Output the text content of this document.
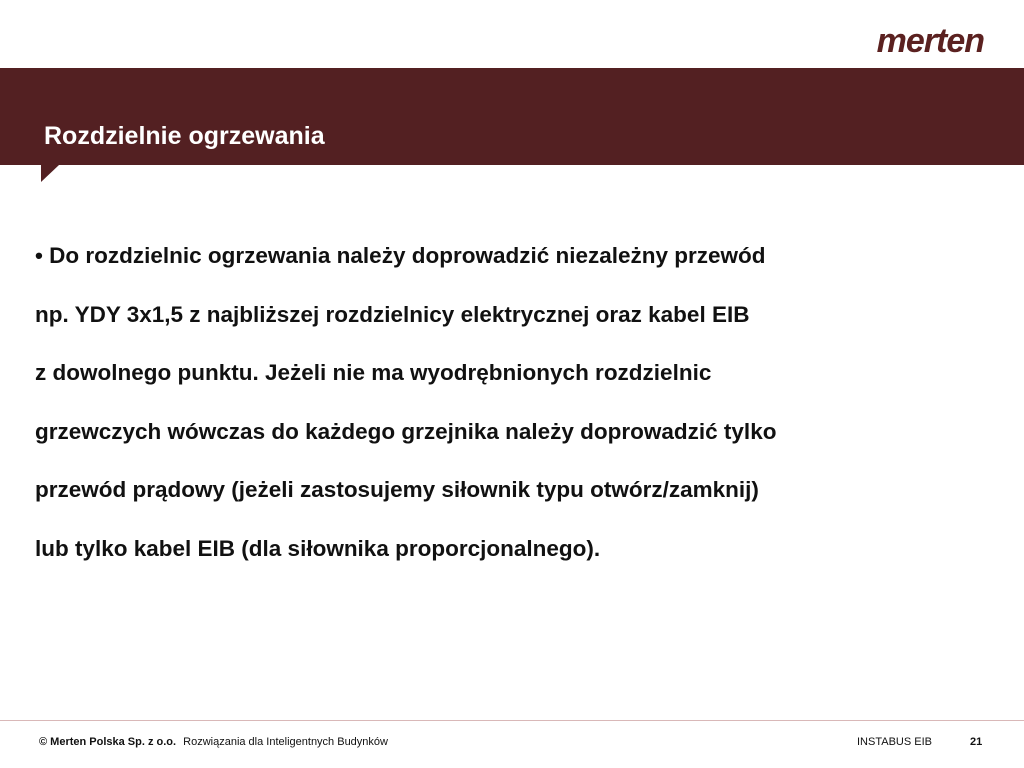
merten
Rozdzielnie ogrzewania
• Do rozdzielnic ogrzewania należy doprowadzić niezależny przewód
np. YDY 3x1,5 z najbliższej rozdzielnicy elektrycznej oraz kabel EIB
z dowolnego punktu. Jeżeli nie ma wyodrębnionych rozdzielnic
grzewczych wówczas do każdego grzejnika należy doprowadzić tylko
przewód prądowy (jeżeli zastosujemy siłownik typu otwórz/zamknij)
lub tylko kabel EIB (dla siłownika proporcjonalnego).
© Merten Polska Sp. z o.o. Rozwiązania dla Inteligentnych Budynków	INSTABUS EIB	21
